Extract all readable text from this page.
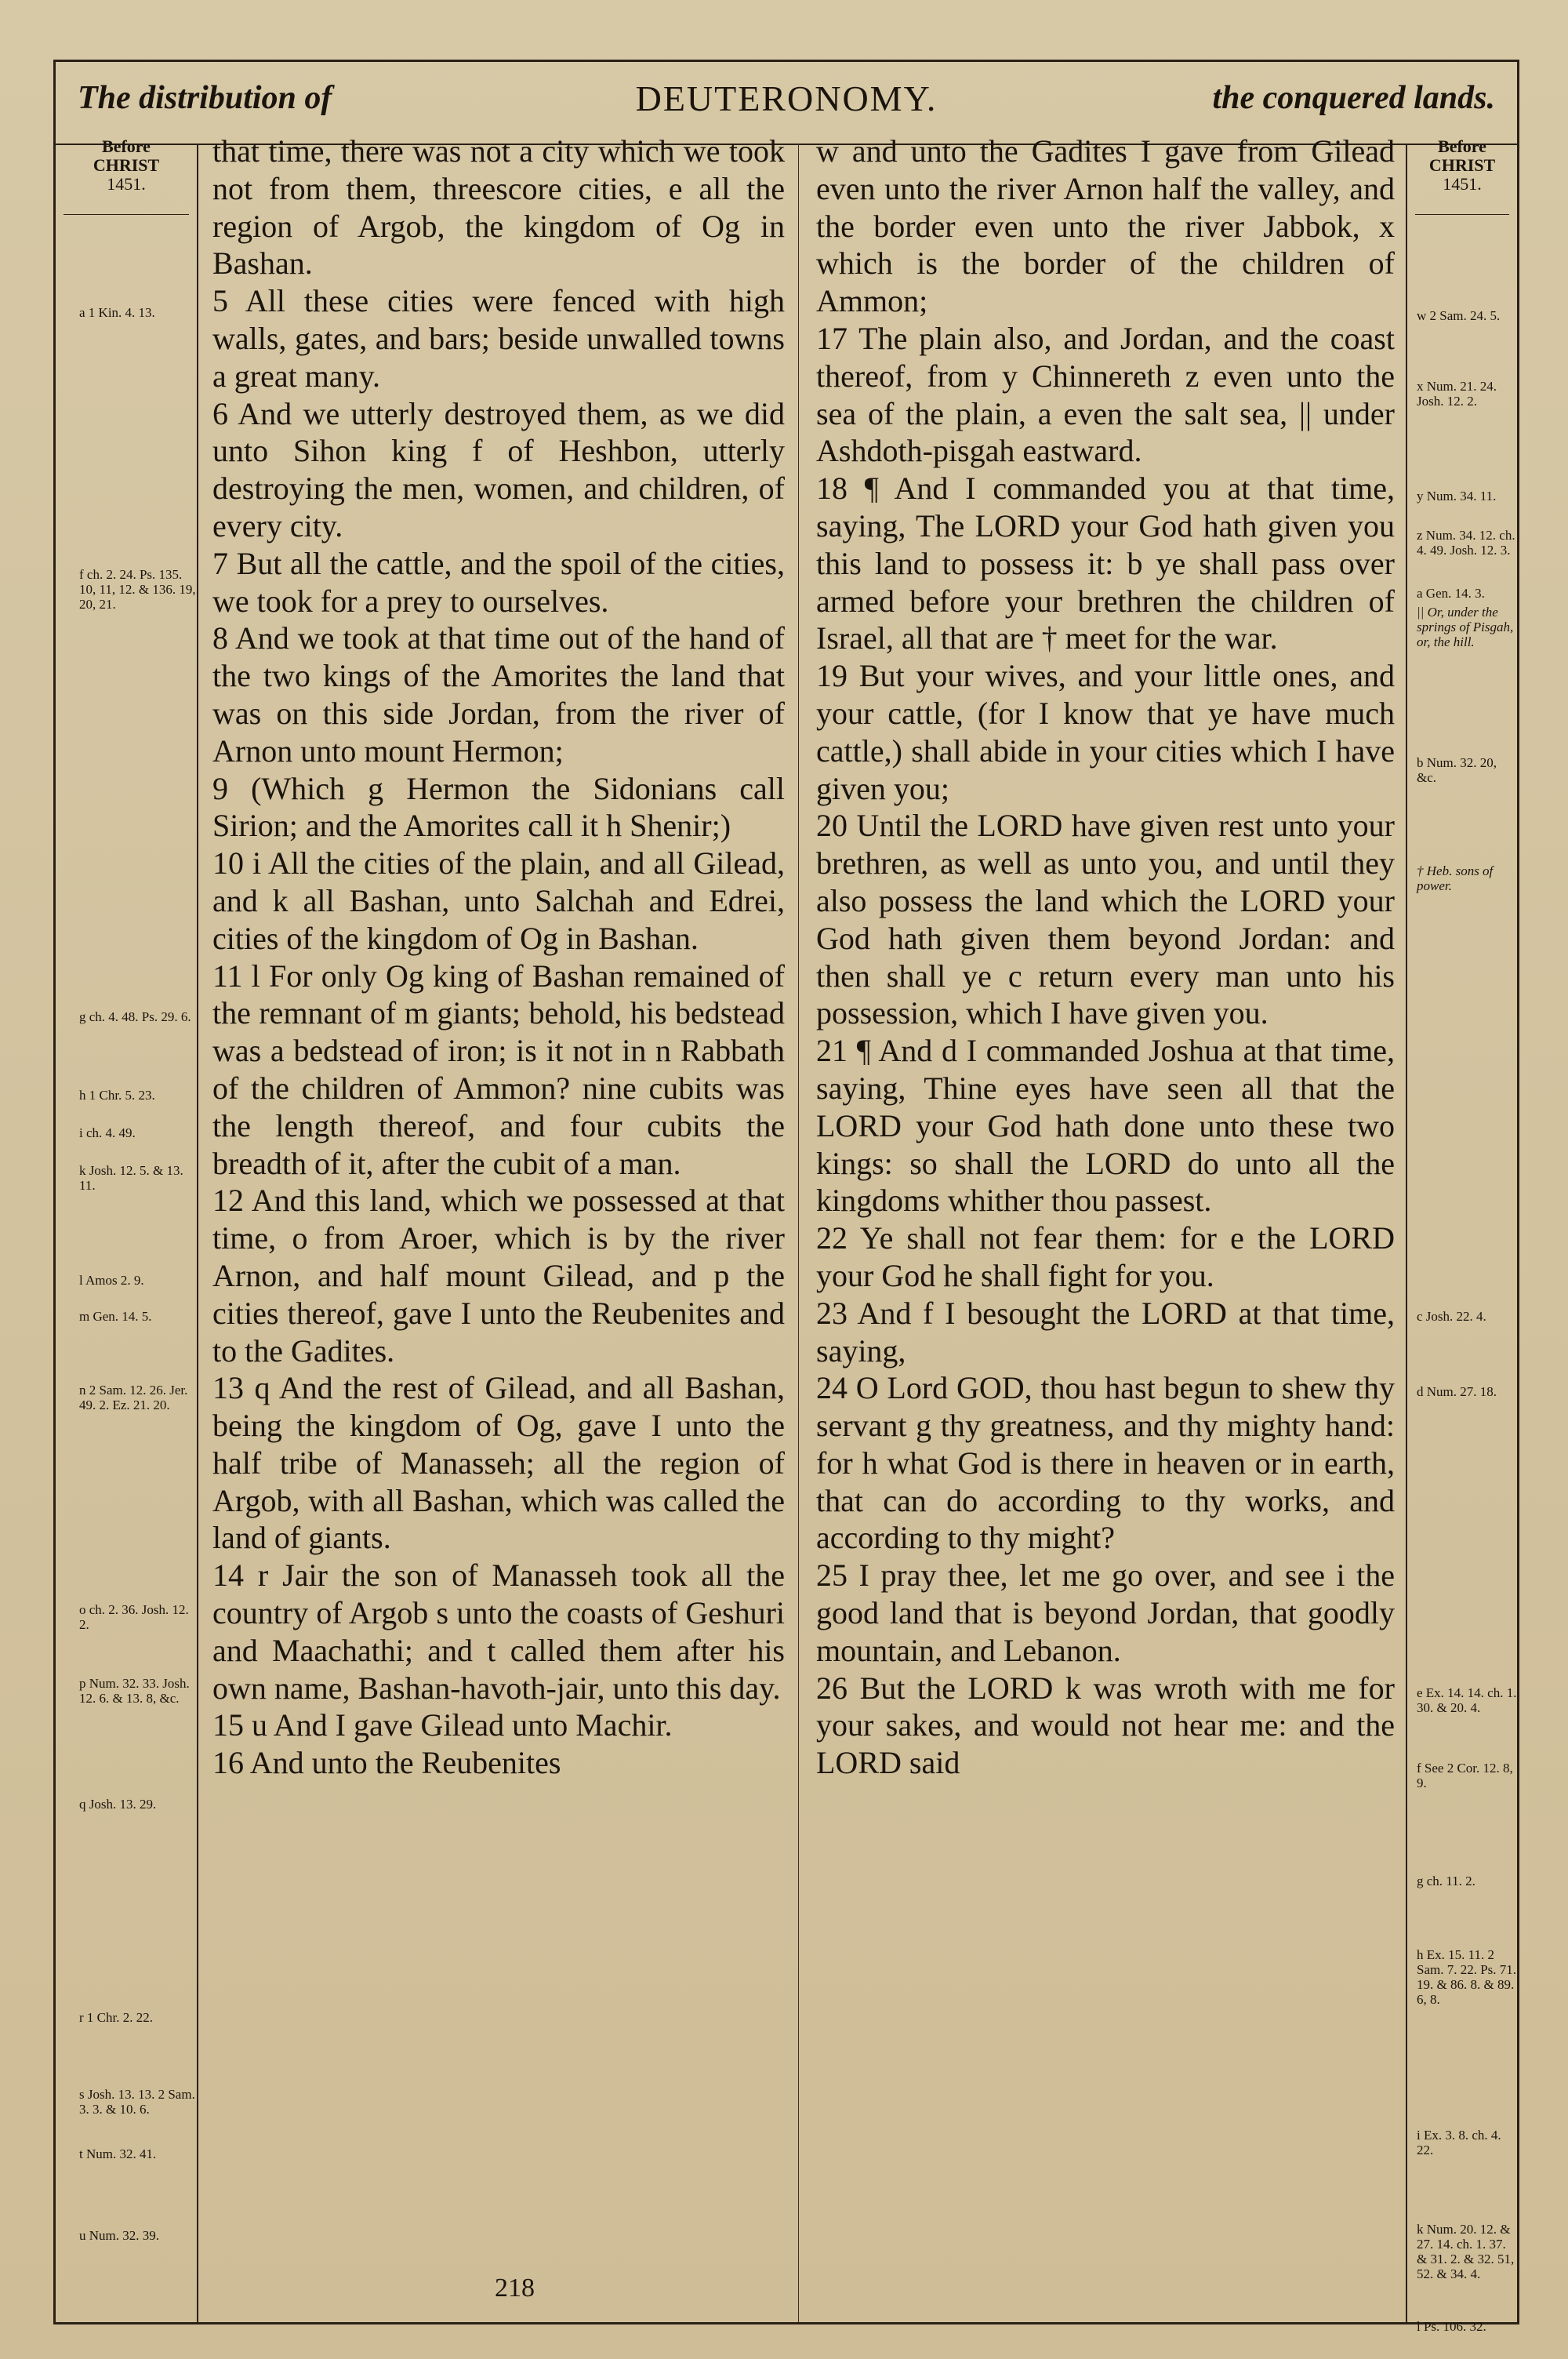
The distribution of	DEUTERONOMY.	the conquered lands.
Before
CHRIST
1451.
a 1 Kin. 4. 13.
f ch. 2. 24. Ps. 135. 10, 11, 12. & 136. 19, 20, 21.
g ch. 4. 48. Ps. 29. 6.
h 1 Chr. 5. 23.
i ch. 4. 49.
k Josh. 12. 5. & 13. 11.
l Amos 2. 9.
m Gen. 14. 5.
n 2 Sam. 12. 26. Jer. 49. 2. Ez. 21. 20.
o ch. 2. 36. Josh. 12. 2.
p Num. 32. 33. Josh. 12. 6. & 13. 8, &c.
q Josh. 13. 29.
r 1 Chr. 2. 22.
s Josh. 13. 13. 2 Sam. 3. 3. & 10. 6.
t Num. 32. 41.
u Num. 32. 39.
Before
CHRIST
1451.
w 2 Sam. 24. 5.
x Num. 21. 24. Josh. 12. 2.
y Num. 34. 11.
z Num. 34. 12. ch. 4. 49. Josh. 12. 3.
a Gen. 14. 3.
|| Or, under the springs of Pisgah, or, the hill.
b Num. 32. 20, &c.
† Heb. sons of power.
c Josh. 22. 4.
d Num. 27. 18.
e Ex. 14. 14. ch. 1. 30. & 20. 4.
f See 2 Cor. 12. 8, 9.
g ch. 11. 2.
h Ex. 15. 11. 2 Sam. 7. 22. Ps. 71. 19. & 86. 8. & 89. 6, 8.
i Ex. 3. 8. ch. 4. 22.
k Num. 20. 12. & 27. 14. ch. 1. 37. & 31. 2. & 32. 51, 52. & 34. 4.
l Ps. 106. 32.

that time, there was not a city which we took not from them, threescore cities, e all the region of Argob, the kingdom of Og in Bashan.

5 All these cities were fenced with high walls, gates, and bars; beside unwalled towns a great many.

6 And we utterly destroyed them, as we did unto Sihon king f of Heshbon, utterly destroying the men, women, and children, of every city.

7 But all the cattle, and the spoil of the cities, we took for a prey to ourselves.

8 And we took at that time out of the hand of the two kings of the Amorites the land that was on this side Jordan, from the river of Arnon unto mount Hermon;

9 (Which g Hermon the Sidonians call Sirion; and the Amorites call it h Shenir;)

10 i All the cities of the plain, and all Gilead, and k all Bashan, unto Salchah and Edrei, cities of the kingdom of Og in Bashan.

11 l For only Og king of Bashan remained of the remnant of m giants; behold, his bedstead was a bedstead of iron; is it not in n Rabbath of the children of Ammon? nine cubits was the length thereof, and four cubits the breadth of it, after the cubit of a man.

12 And this land, which we possessed at that time, o from Aroer, which is by the river Arnon, and half mount Gilead, and p the cities thereof, gave I unto the Reubenites and to the Gadites.

13 q And the rest of Gilead, and all Bashan, being the kingdom of Og, gave I unto the half tribe of Manasseh; all the region of Argob, with all Bashan, which was called the land of giants.

14 r Jair the son of Manasseh took all the country of Argob s unto the coasts of Geshuri and Maachathi; and t called them after his own name, Bashan-havoth-jair, unto this day.

15 u And I gave Gilead unto Machir.

16 And unto the Reubenites

w and unto the Gadites I gave from Gilead even unto the river Arnon half the valley, and the border even unto the river Jabbok, x which is the border of the children of Ammon;

17 The plain also, and Jordan, and the coast thereof, from y Chinnereth z even unto the sea of the plain, a even the salt sea, || under Ashdoth-pisgah eastward.

18 ¶ And I commanded you at that time, saying, The LORD your God hath given you this land to possess it: b ye shall pass over armed before your brethren the children of Israel, all that are † meet for the war.

19 But your wives, and your little ones, and your cattle, (for I know that ye have much cattle,) shall abide in your cities which I have given you;

20 Until the LORD have given rest unto your brethren, as well as unto you, and until they also possess the land which the LORD your God hath given them beyond Jordan: and then shall ye c return every man unto his possession, which I have given you.

21 ¶ And d I commanded Joshua at that time, saying, Thine eyes have seen all that the LORD your God hath done unto these two kings: so shall the LORD do unto all the kingdoms whither thou passest.

22 Ye shall not fear them: for e the LORD your God he shall fight for you.

23 And f I besought the LORD at that time, saying,

24 O Lord GOD, thou hast begun to shew thy servant g thy greatness, and thy mighty hand: for h what God is there in heaven or in earth, that can do according to thy works, and according to thy might?

25 I pray thee, let me go over, and see i the good land that is beyond Jordan, that goodly mountain, and Lebanon.

26 But the LORD k was wroth with me for your sakes, and would not hear me: and the LORD said

218
